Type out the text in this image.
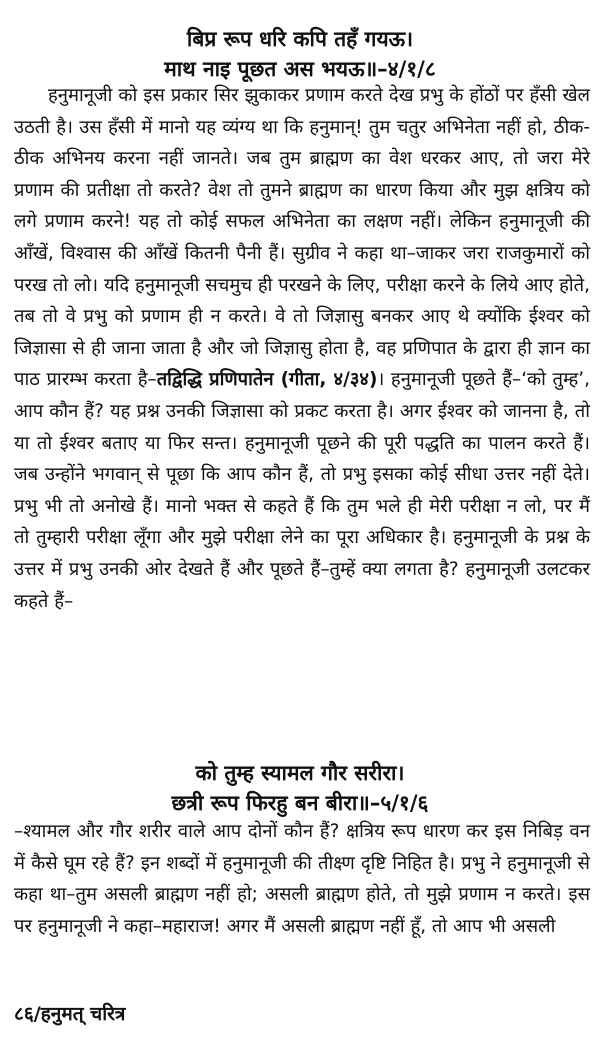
बिप्र रूप धरि कपि तहँ गयऊ।
माथ नाइ पूछत अस भयऊ॥–४/१/८

हनुमानूजी को इस प्रकार सिर झुकाकर प्रणाम करते देख प्रभु के होंठों पर हँसी खेल उठती है। उस हँसी में मानो यह व्यंग्य था कि हनुमान्! तुम चतुर अभिनेता नहीं हो, ठीक-ठीक अभिनय करना नहीं जानते। जब तुम ब्राह्मण का वेश धरकर आए, तो जरा मेरे प्रणाम की प्रतीक्षा तो करते? वेश तो तुमने ब्राह्मण का धारण किया और मुझ क्षत्रिय को लगे प्रणाम करने! यह तो कोई सफल अभिनेता का लक्षण नहीं। लेकिन हनुमानूजी की आँखें, विश्वास की आँखें कितनी पैनी हैं। सुग्रीव ने कहा था–जाकर जरा राजकुमारों को परख तो लो। यदि हनुमानूजी सचमुच ही परखने के लिए, परीक्षा करने के लिये आए होते, तब तो वे प्रभु को प्रणाम ही न करते। वे तो जिज्ञासु बनकर आए थे क्योंकि ईश्वर को जिज्ञासा से ही जाना जाता है और जो जिज्ञासु होता है, वह प्रणिपात के द्वारा ही ज्ञान का पाठ प्रारम्भ करता है–तद्विद्धि प्रणिपातेन (गीता, ४/३४)। हनुमानूजी पूछते हैं–‘को तुम्ह’, आप कौन हैं? यह प्रश्न उनकी जिज्ञासा को प्रकट करता है। अगर ईश्वर को जानना है, तो या तो ईश्वर बताए या फिर सन्त। हनुमानूजी पूछने की पूरी पद्धति का पालन करते हैं। जब उन्होंने भगवान् से पूछा कि आप कौन हैं, तो प्रभु इसका कोई सीधा उत्तर नहीं देते। प्रभु भी तो अनोखे हैं। मानो भक्त से कहते हैं कि तुम भले ही मेरी परीक्षा न लो, पर मैं तो तुम्हारी परीक्षा लूँगा और मुझे परीक्षा लेने का पूरा अधिकार है। हनुमानूजी के प्रश्न के उत्तर में प्रभु उनकी ओर देखते हैं और पूछते हैं–तुम्हें क्या लगता है? हनुमानूजी उलटकर कहते हैं–

को तुम्ह स्यामल गौर सरीरा।
छत्री रूप फिरहु बन बीरा॥–५/१/६

–श्यामल और गौर शरीर वाले आप दोनों कौन हैं? क्षत्रिय रूप धारण कर इस निबिड़ वन में कैसे घूम रहे हैं? इन शब्दों में हनुमानूजी की तीक्ष्ण दृष्टि निहित है। प्रभु ने हनुमानूजी से कहा था–तुम असली ब्राह्मण नहीं हो; असली ब्राह्मण होते, तो मुझे प्रणाम न करते। इस पर हनुमानूजी ने कहा–महाराज! अगर मैं असली ब्राह्मण नहीं हूँ, तो आप भी असली

८६/हनुमत् चरित्र
